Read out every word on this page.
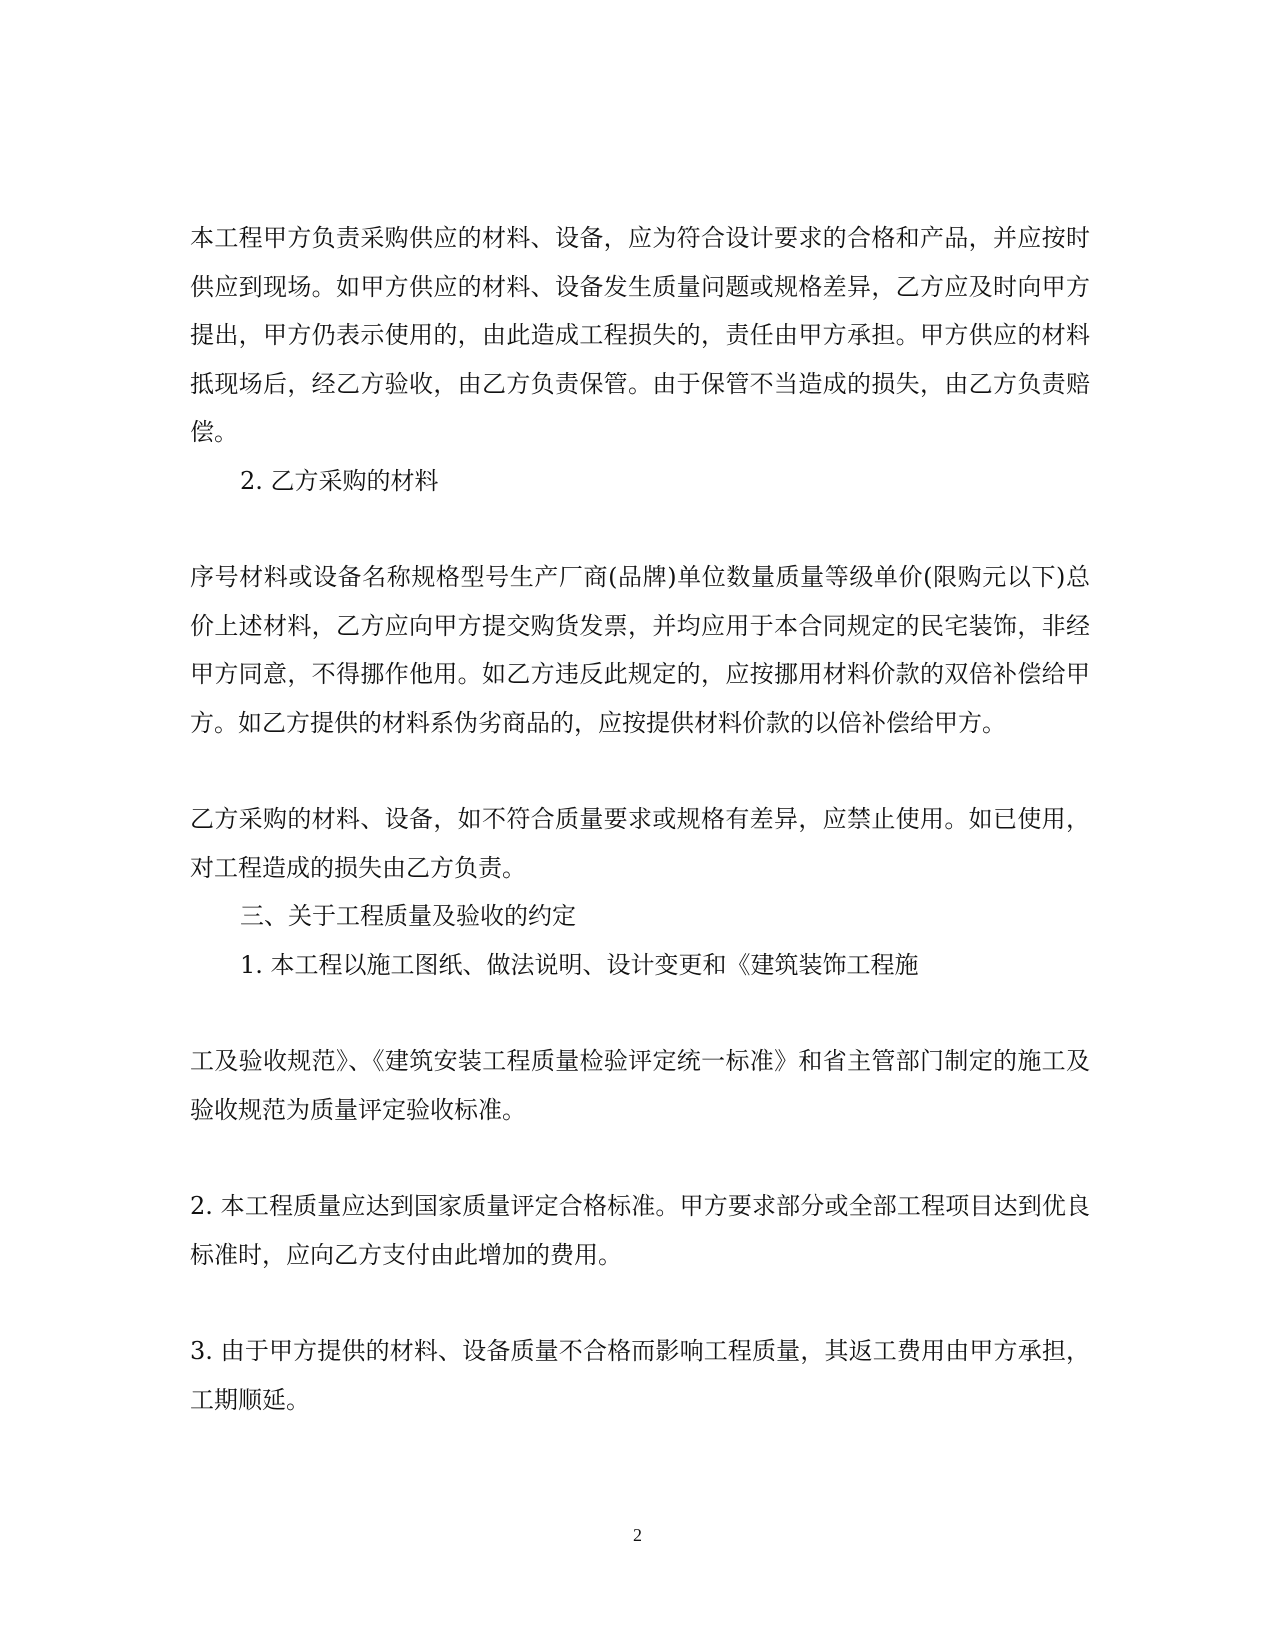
本工程甲方负责采购供应的材料、设备，应为符合设计要求的合格和产品，并应按时供应到现场。如甲方供应的材料、设备发生质量问题或规格差异，乙方应及时向甲方提出，甲方仍表示使用的，由此造成工程损失的，责任由甲方承担。甲方供应的材料抵现场后，经乙方验收，由乙方负责保管。由于保管不当造成的损失，由乙方负责赔偿。

2. 乙方采购的材料

序号材料或设备名称规格型号生产厂商(品牌)单位数量质量等级单价(限购元以下)总价上述材料，乙方应向甲方提交购货发票，并均应用于本合同规定的民宅装饰，非经甲方同意，不得挪作他用。如乙方违反此规定的，应按挪用材料价款的双倍补偿给甲方。如乙方提供的材料系伪劣商品的，应按提供材料价款的以倍补偿给甲方。

乙方采购的材料、设备，如不符合质量要求或规格有差异，应禁止使用。如已使用，对工程造成的损失由乙方负责。

三、关于工程质量及验收的约定

1. 本工程以施工图纸、做法说明、设计变更和《建筑装饰工程施

工及验收规范》、《建筑安装工程质量检验评定统一标准》和省主管部门制定的施工及验收规范为质量评定验收标准。

2. 本工程质量应达到国家质量评定合格标准。甲方要求部分或全部工程项目达到优良标准时，应向乙方支付由此增加的费用。

3. 由于甲方提供的材料、设备质量不合格而影响工程质量，其返工费用由甲方承担，工期顺延。

2
